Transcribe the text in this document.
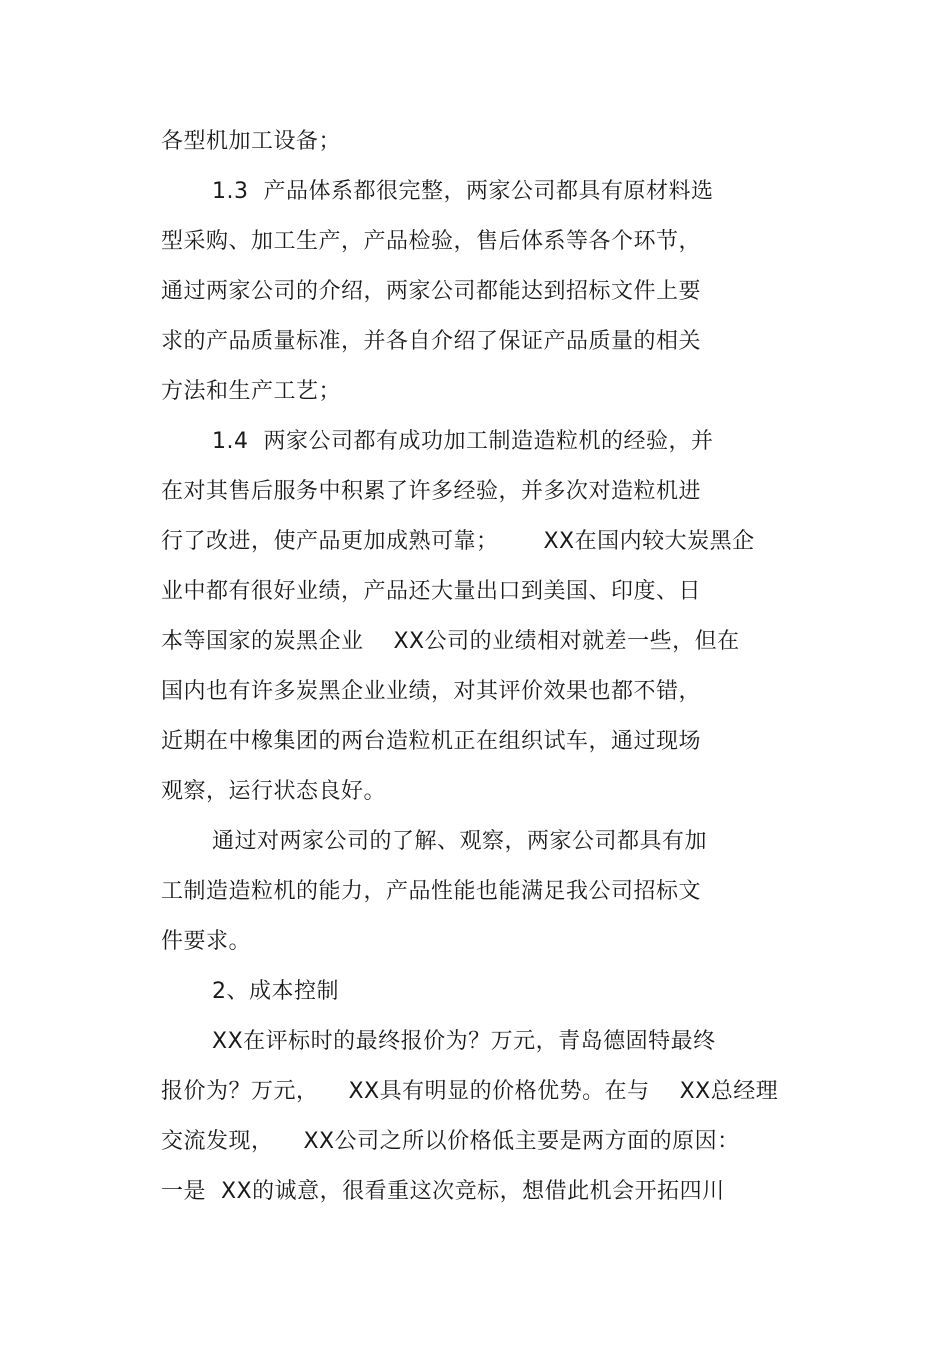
各型机加工设备；
1.3  产品体系都很完整，两家公司都具有原材料选
型采购、加工生产，产品检验，售后体系等各个环节，
通过两家公司的介绍，两家公司都能达到招标文件上要
求的产品质量标准，并各自介绍了保证产品质量的相关
方法和生产工艺；
1.4  两家公司都有成功加工制造造粒机的经验，并
在对其售后服务中积累了许多经验，并多次对造粒机进
行了改进，使产品更加成熟可靠；      XX在国内较大炭黑企
业中都有很好业绩，产品还大量出口到美国、印度、日
本等国家的炭黑企业    XX公司的业绩相对就差一些，但在
国内也有许多炭黑企业业绩，对其评价效果也都不错，
近期在中橡集团的两台造粒机正在组织试车，通过现场
观察，运行状态良好。
通过对两家公司的了解、观察，两家公司都具有加
工制造造粒机的能力，产品性能也能满足我公司招标文
件要求。
2、成本控制
XX在评标时的最终报价为？万元，青岛德固特最终
报价为？万元，    XX具有明显的价格优势。在与    XX总经理
交流发现，    XX公司之所以价格低主要是两方面的原因：
一是  XX的诚意，很看重这次竞标，想借此机会开拓四川
